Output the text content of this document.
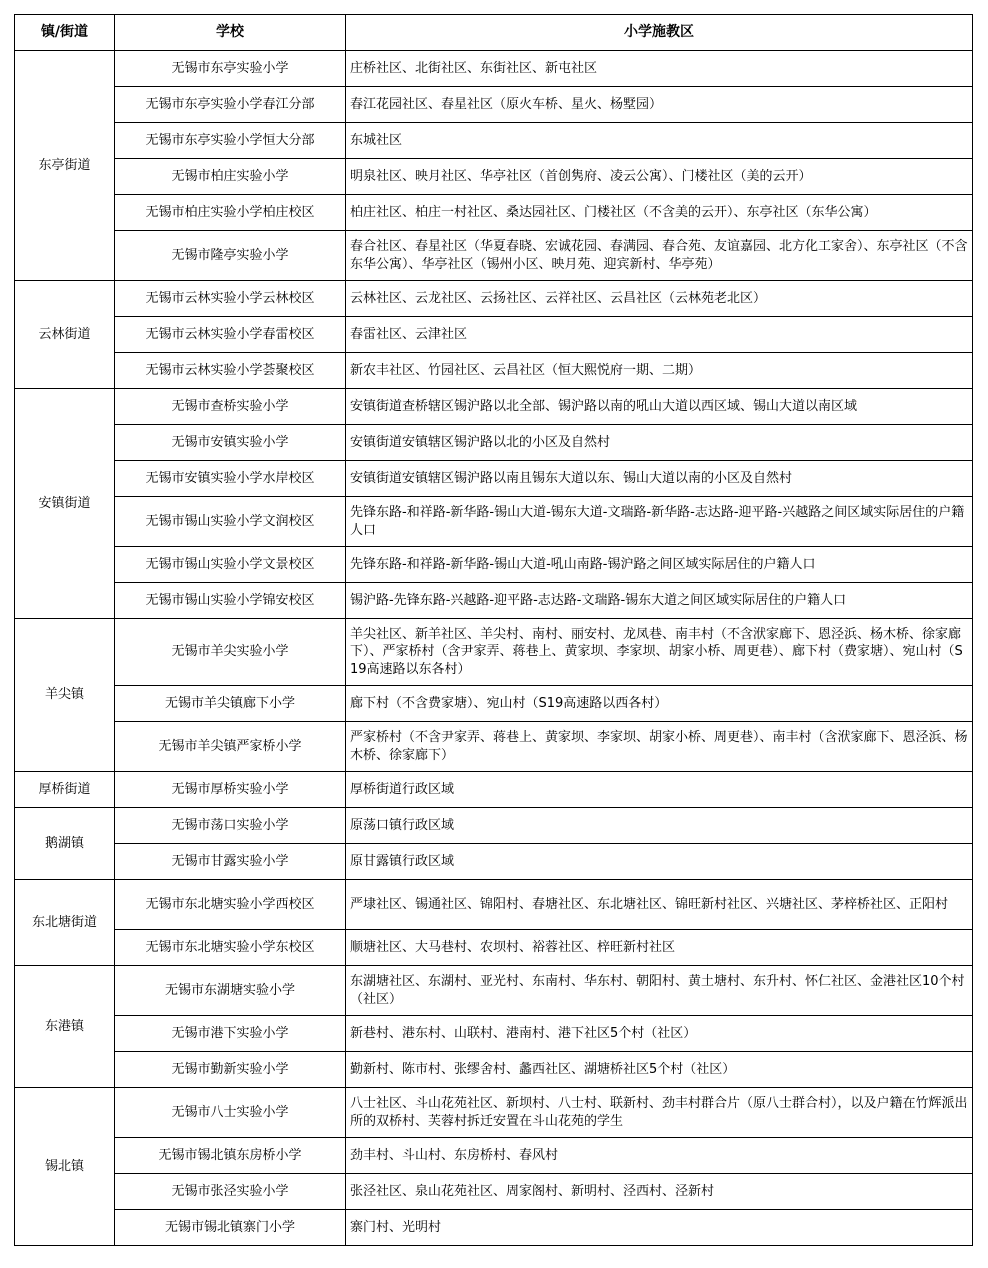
镇/街道	学校	小学施教区
东亭街道	无锡市东亭实验小学	庄桥社区、北街社区、东街社区、新屯社区
	无锡市东亭实验小学春江分部	春江花园社区、春星社区（原火车桥、星火、杨墅园）
	无锡市东亭实验小学恒大分部	东城社区
	无锡市柏庄实验小学	明泉社区、映月社区、华亭社区（首创隽府、凌云公寓）、门楼社区（美的云开）
	无锡市柏庄实验小学柏庄校区	柏庄社区、柏庄一村社区、桑达园社区、门楼社区（不含美的云开）、东亭社区（东华公寓）
	无锡市隆亭实验小学	春合社区、春星社区（华夏春晓、宏诚花园、春满园、春合苑、友谊嘉园、北方化工家舍）、东亭社区（不含东华公寓）、华亭社区（锡州小区、映月苑、迎宾新村、华亭苑）
云林街道	无锡市云林实验小学云林校区	云林社区、云龙社区、云扬社区、云祥社区、云昌社区（云林苑老北区）
	无锡市云林实验小学春雷校区	春雷社区、云津社区
	无锡市云林实验小学荟聚校区	新农丰社区、竹园社区、云昌社区（恒大熙悦府一期、二期）
安镇街道	无锡市查桥实验小学	安镇街道查桥辖区锡沪路以北全部、锡沪路以南的吼山大道以西区域、锡山大道以南区域
	无锡市安镇实验小学	安镇街道安镇辖区锡沪路以北的小区及自然村
	无锡市安镇实验小学水岸校区	安镇街道安镇辖区锡沪路以南且锡东大道以东、锡山大道以南的小区及自然村
	无锡市锡山实验小学文润校区	先锋东路-和祥路-新华路-锡山大道-锡东大道-文瑞路-新华路-志达路-迎平路-兴越路之间区域实际居住的户籍人口
	无锡市锡山实验小学文景校区	先锋东路-和祥路-新华路-锡山大道-吼山南路-锡沪路之间区域实际居住的户籍人口
	无锡市锡山实验小学锦安校区	锡沪路-先锋东路-兴越路-迎平路-志达路-文瑞路-锡东大道之间区域实际居住的户籍人口
羊尖镇	无锡市羊尖实验小学	羊尖社区、新羊社区、羊尖村、南村、丽安村、龙凤巷、南丰村（不含洑家廊下、恩泾浜、杨木桥、徐家廊下）、严家桥村（含尹家弄、蒋巷上、黄家坝、李家坝、胡家小桥、周更巷）、廊下村（费家塘）、宛山村（S19高速路以东各村）
	无锡市羊尖镇廊下小学	廊下村（不含费家塘）、宛山村（S19高速路以西各村）
	无锡市羊尖镇严家桥小学	严家桥村（不含尹家弄、蒋巷上、黄家坝、李家坝、胡家小桥、周更巷）、南丰村（含洑家廊下、恩泾浜、杨木桥、徐家廊下）
厚桥街道	无锡市厚桥实验小学	厚桥街道行政区域
鹅湖镇	无锡市荡口实验小学	原荡口镇行政区域
	无锡市甘露实验小学	原甘露镇行政区域
东北塘街道	无锡市东北塘实验小学西校区	严埭社区、锡通社区、锦阳村、春塘社区、东北塘社区、锦旺新村社区、兴塘社区、茅梓桥社区、正阳村
	无锡市东北塘实验小学东校区	顺塘社区、大马巷村、农坝村、裕蓉社区、梓旺新村社区
东港镇	无锡市东湖塘实验小学	东湖塘社区、东湖村、亚光村、东南村、华东村、朝阳村、黄土塘村、东升村、怀仁社区、金港社区10个村（社区）
	无锡市港下实验小学	新巷村、港东村、山联村、港南村、港下社区5个村（社区）
	无锡市勤新实验小学	勤新村、陈市村、张缪舍村、蠡西社区、湖塘桥社区5个村（社区）
锡北镇	无锡市八士实验小学	八士社区、斗山花苑社区、新坝村、八士村、联新村、劲丰村群合片（原八士群合村），以及户籍在竹辉派出所的双桥村、芙蓉村拆迁安置在斗山花苑的学生
	无锡市锡北镇东房桥小学	劲丰村、斗山村、东房桥村、春风村
	无锡市张泾实验小学	张泾社区、泉山花苑社区、周家阁村、新明村、泾西村、泾新村
	无锡市锡北镇寨门小学	寨门村、光明村
